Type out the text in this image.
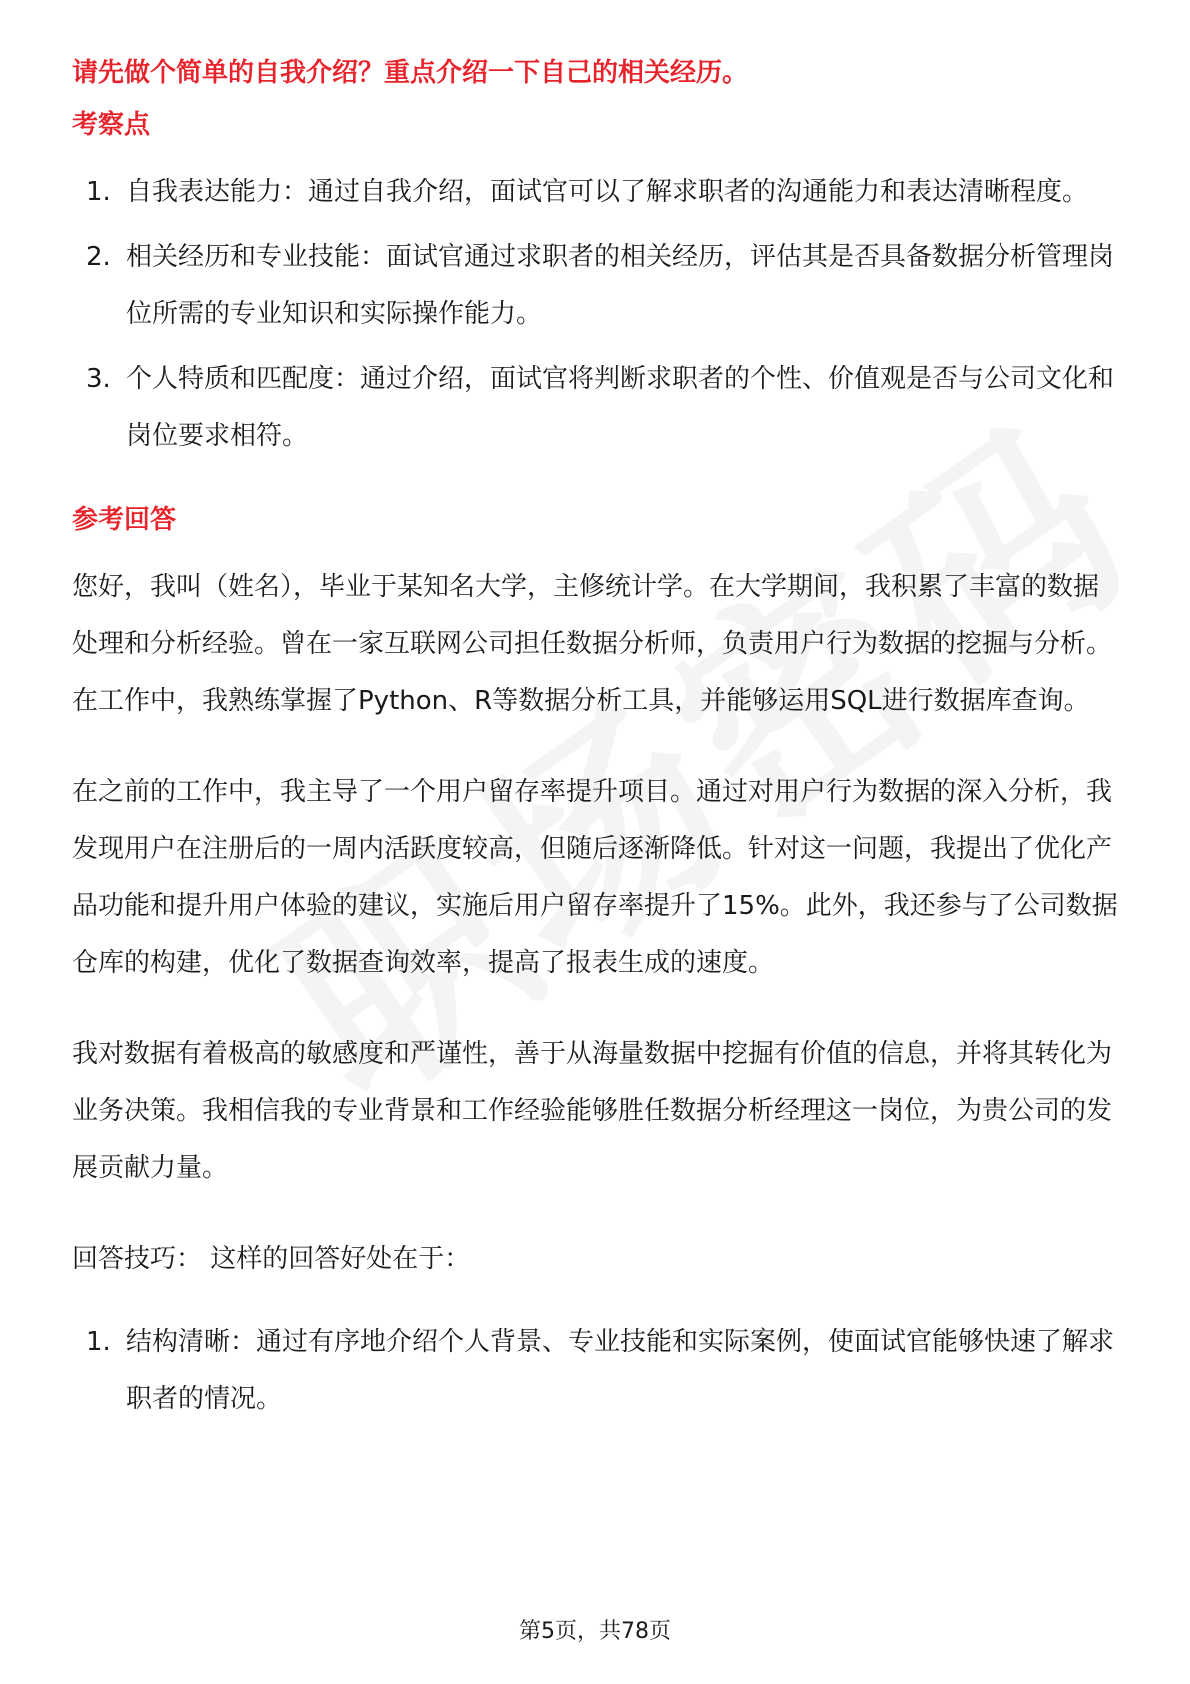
请先做个简单的自我介绍？重点介绍一下自己的相关经历。
考察点
1. 自我表达能力：通过自我介绍，面试官可以了解求职者的沟通能力和表达清晰程度。
2. 相关经历和专业技能：面试官通过求职者的相关经历，评估其是否具备数据分析管理岗位所需的专业知识和实际操作能力。
3. 个人特质和匹配度：通过介绍，面试官将判断求职者的个性、价值观是否与公司文化和岗位要求相符。
参考回答

您好，我叫（姓名），毕业于某知名大学，主修统计学。在大学期间，我积累了丰富的数据处理和分析经验。曾在一家互联网公司担任数据分析师，负责用户行为数据的挖掘与分析。在工作中，我熟练掌握了Python、R等数据分析工具，并能够运用SQL进行数据库查询。

在之前的工作中，我主导了一个用户留存率提升项目。通过对用户行为数据的深入分析，我发现用户在注册后的一周内活跃度较高，但随后逐渐降低。针对这一问题，我提出了优化产品功能和提升用户体验的建议，实施后用户留存率提升了15%。此外，我还参与了公司数据仓库的构建，优化了数据查询效率，提高了报表生成的速度。

我对数据有着极高的敏感度和严谨性，善于从海量数据中挖掘有价值的信息，并将其转化为业务决策。我相信我的专业背景和工作经验能够胜任数据分析经理这一岗位，为贵公司的发展贡献力量。

回答技巧： 这样的回答好处在于：

1. 结构清晰：通过有序地介绍个人背景、专业技能和实际案例，使面试官能够快速了解求职者的情况。
第5页，共78页
